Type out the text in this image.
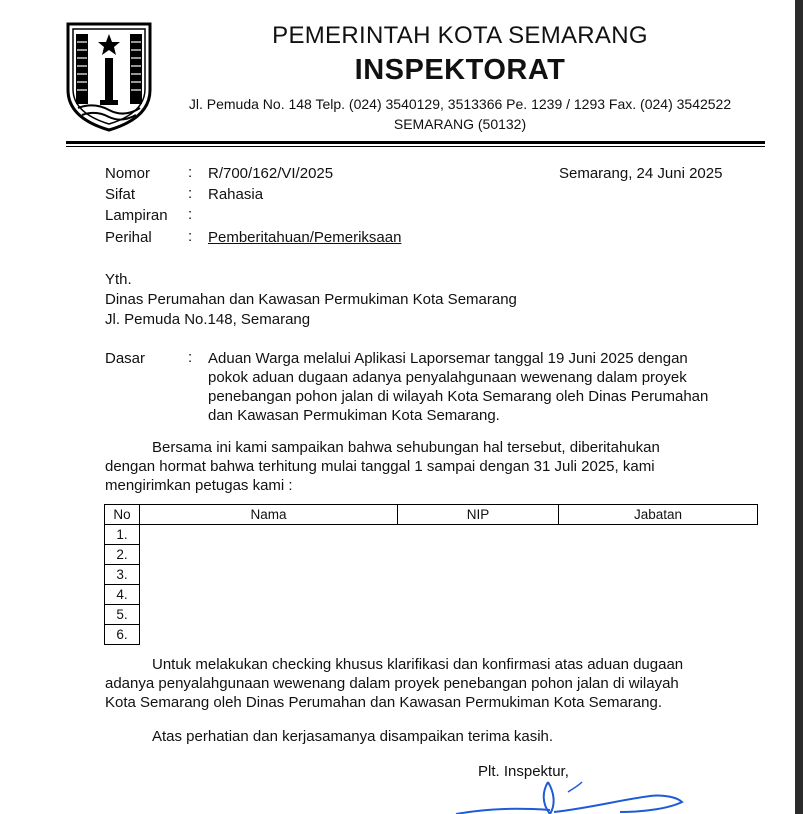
PEMERINTAH KOTA SEMARANG
INSPEKTORAT
Jl. Pemuda No. 148 Telp. (024) 3540129, 3513366 Pe. 1239 / 1293 Fax. (024) 3542522
SEMARANG (50132)
Nomor	: R/700/162/VI/2025
Sifat	: Rahasia
Lampiran :
Perihal : Pemberitahuan/Pemeriksaan
Semarang, 24 Juni 2025
Yth.
Dinas Perumahan dan Kawasan Permukiman Kota Semarang
Jl. Pemuda No.148, Semarang
Dasar	: Aduan Warga melalui Aplikasi Laporsemar tanggal 19 Juni 2025 dengan
pokok aduan dugaan adanya penyalahgunaan wewenang dalam proyek
penebangan pohon jalan di wilayah Kota Semarang oleh Dinas Perumahan
dan Kawasan Permukiman Kota Semarang.
Bersama ini kami sampaikan bahwa sehubungan hal tersebut, diberitahukan
dengan hormat bahwa terhitung mulai tanggal 1 sampai dengan 31 Juli 2025, kami
mengirimkan petugas kami :
No	Nama	NIP	Jabatan
1.			
2.			
3.			
4.			
5.			
6.			
Untuk melakukan checking khusus klarifikasi dan konfirmasi atas aduan dugaan
adanya penyalahgunaan wewenang dalam proyek penebangan pohon jalan di wilayah
Kota Semarang oleh Dinas Perumahan dan Kawasan Permukiman Kota Semarang.
Atas perhatian dan kerjasamanya disampaikan terima kasih.
Plt. Inspektur,
